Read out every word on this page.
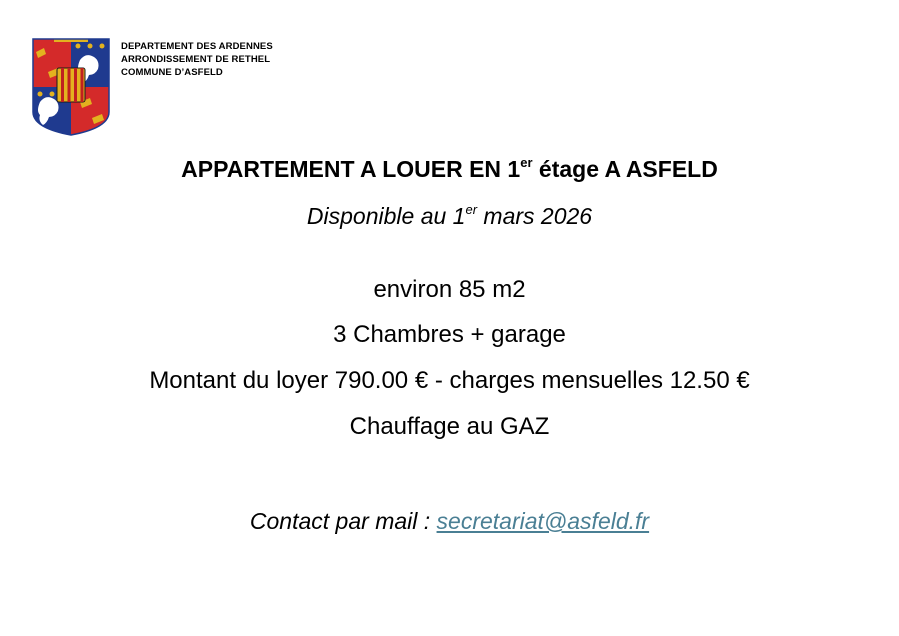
DEPARTEMENT DES ARDENNES
ARRONDISSEMENT DE RETHEL
COMMUNE D’ASFELD
APPARTEMENT A LOUER EN 1er étage A ASFELD
Disponible au 1er mars 2026
environ 85 m2
3 Chambres + garage
Montant du loyer 790.00 € - charges mensuelles 12.50 €
Chauffage au GAZ
Contact par mail : secretariat@asfeld.fr
